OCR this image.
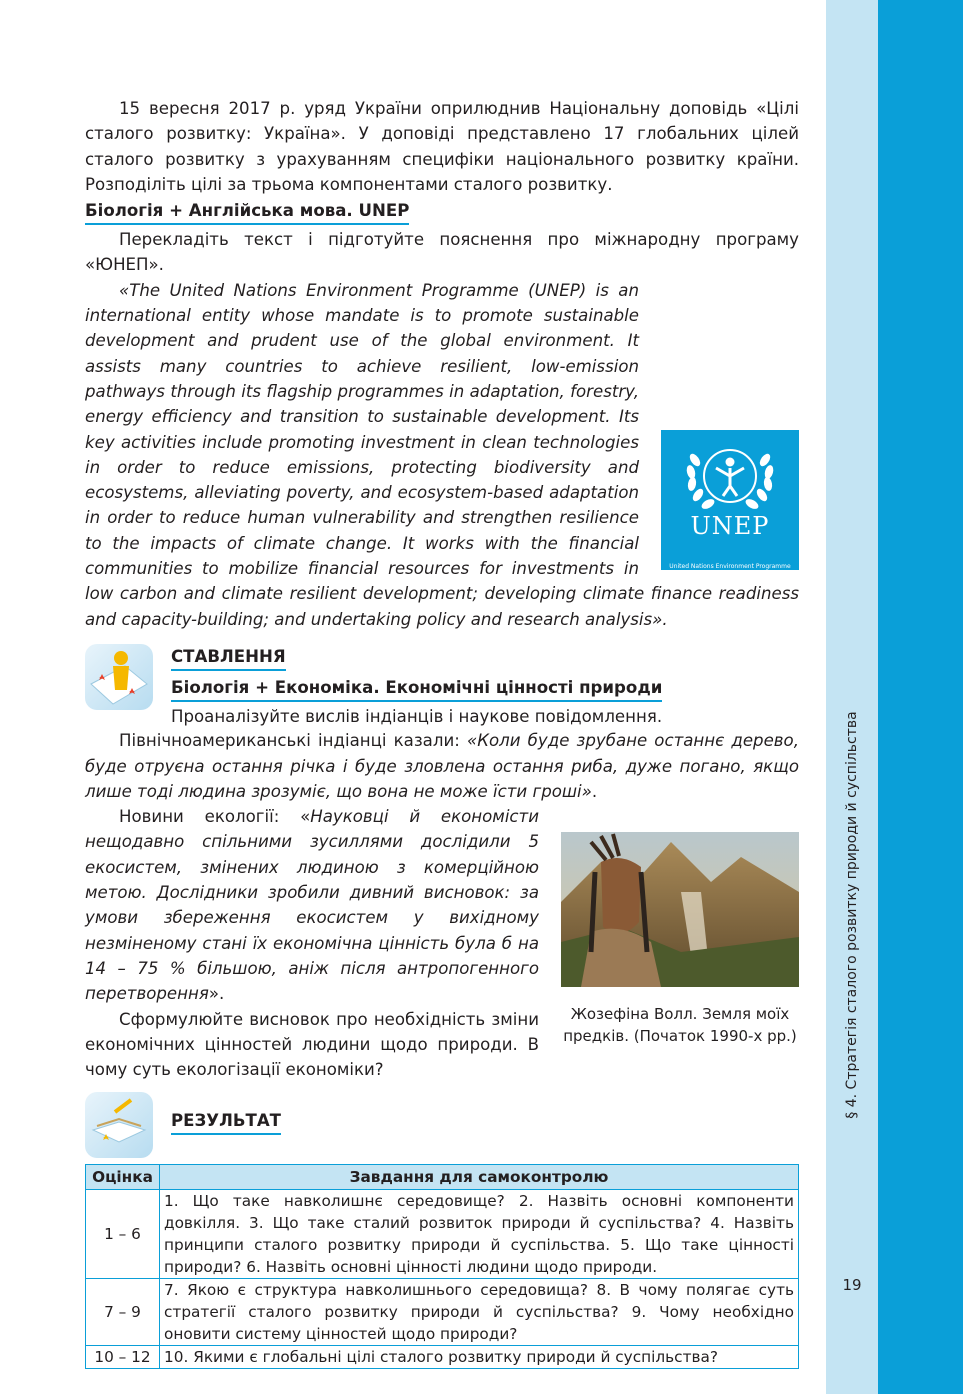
§ 4. Стратегія сталого розвитку природи й суспільства
19

15 вересня 2017 р. уряд України оприлюднив Національну доповідь «Цілі сталого розвитку: Україна». У доповіді представлено 17 глобальних цілей сталого розвитку з урахуванням специфіки національного розвитку країни. Розподіліть цілі за трьома компонентами сталого розвитку.

Біологія + Англійська мова. UNEP

Перекладіть текст і підготуйте пояснення про міжнародну програму «ЮНЕП».

UNEP
United Nations Environment Programme

«The United Nations Environment Programme (UNEP) is an international entity whose mandate is to promote sustainable development and prudent use of the global environment. It assists many countries to achieve resilient, low-emission pathways through its flagship programmes in adaptation, forestry, energy efficiency and transition to sustainable development. Its key activities include promoting investment in clean technologies in order to reduce emissions, protecting biodiversity and ecosystems, alleviating poverty, and ecosystem-based adaptation in order to reduce human vulnerability and strengthen resilience to the impacts of climate change. It works with the financial communities to mobilize financial resources for investments in low carbon and climate resilient development; developing climate finance readiness and capacity-building; and undertaking policy and research analysis».

СТАВЛЕННЯ
Біологія + Економіка. Економічні цінності природи

Проаналізуйте вислів індіанців і наукове повідомлення.

Північноамериканські індіанці казали: «Коли буде зрубане останнє дерево, буде отруєна остання річка і буде зловлена остання риба, дуже погано, якщо лише тоді людина зрозуміє, що вона не може їсти гроші».

Жозефіна Волл. Земля моїх предків. (Початок 1990-х рр.)

Новини екології: «Науковці й економісти нещодавно спільними зусиллями дослідили 5 екосистем, змінених людиною з комерційною метою. Дослідники зробили дивний висновок: за умови збереження екосистем у вихідному незміненому стані їх економічна цінність була б на 14 – 75 % більшою, аніж після антропогенного перетворення».

Сформулюйте висновок про необхідність зміни економічних цінностей людини щодо природи. В чому суть екологізації економіки?

РЕЗУЛЬТАТ
Оцінка	Завдання для самоконтролю
1 – 6	1. Що таке навколишнє середовище? 2. Назвіть основні компоненти довкілля. 3. Що таке сталий розвиток природи й суспільства? 4. Назвіть принципи сталого розвитку природи й суспільства. 5. Що таке цінності природи? 6. Назвіть основні цінності людини щодо природи.
7 – 9	7. Якою є структура навколишнього середовища? 8. В чому полягає суть стратегії сталого розвитку природи й суспільства? 9. Чому необхідно оновити систему цінностей щодо природи?
10 – 12	10. Якими є глобальні цілі сталого розвитку природи й суспільства?
